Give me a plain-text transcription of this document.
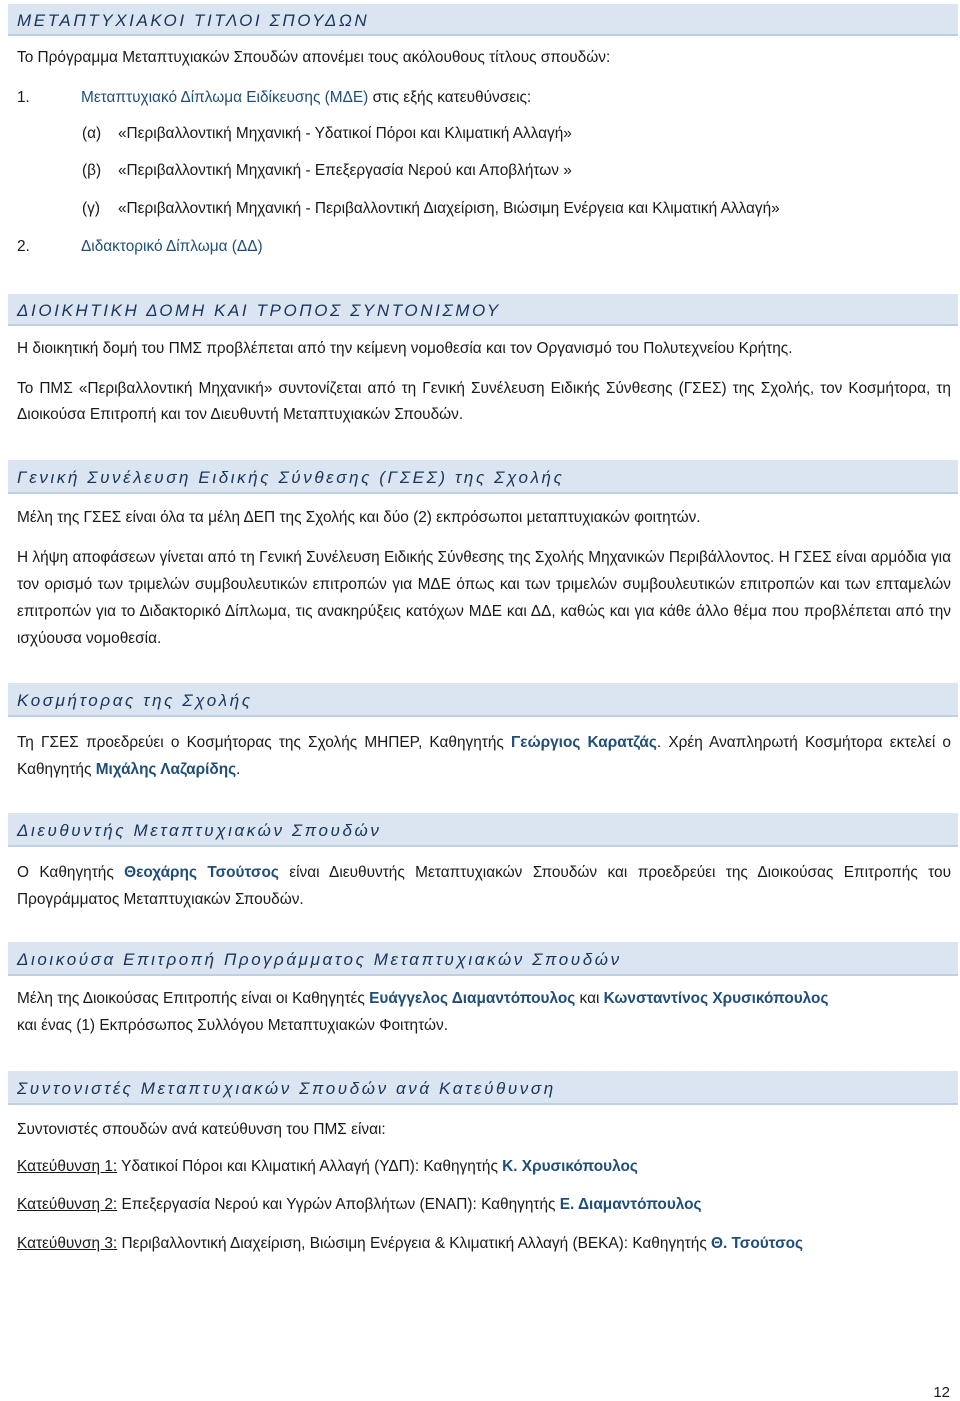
ΜΕΤΑΠΤΥΧΙΑΚΟΙ ΤΙΤΛΟΙ ΣΠΟΥΔΩΝ
Το Πρόγραμμα Μεταπτυχιακών Σπουδών απονέμει τους ακόλουθους τίτλους σπουδών:
1.	Μεταπτυχιακό Δίπλωμα Ειδίκευσης (ΜΔΕ) στις εξής κατευθύνσεις:
(α) «Περιβαλλοντική Μηχανική - Υδατικοί Πόροι και Κλιματική Αλλαγή»
(β) «Περιβαλλοντική Μηχανική - Επεξεργασία Νερού και Αποβλήτων »
(γ) «Περιβαλλοντική Μηχανική - Περιβαλλοντική Διαχείριση, Βιώσιμη Ενέργεια και Κλιματική Αλλαγή»
2.	Διδακτορικό Δίπλωμα (ΔΔ)
ΔΙΟΙΚΗΤΙΚΗ ΔΟΜΗ ΚΑΙ ΤΡΟΠΟΣ ΣΥΝΤΟΝΙΣΜΟΥ
Η διοικητική δομή του ΠΜΣ προβλέπεται από την κείμενη νομοθεσία και τον Οργανισμό του Πολυτεχνείου Κρήτης.
Το ΠΜΣ «Περιβαλλοντική Μηχανική» συντονίζεται από τη Γενική Συνέλευση Ειδικής Σύνθεσης (ΓΣΕΣ) της Σχολής, τον Κοσμήτορα, τη Διοικούσα Επιτροπή και τον Διευθυντή Μεταπτυχιακών Σπουδών.
Γενική Συνέλευση Ειδικής Σύνθεσης (ΓΣΕΣ) της Σχολής
Μέλη της ΓΣΕΣ είναι όλα τα μέλη ΔΕΠ της Σχολής και δύο (2) εκπρόσωποι μεταπτυχιακών φοιτητών.
Η λήψη αποφάσεων γίνεται από τη Γενική Συνέλευση Ειδικής Σύνθεσης της Σχολής Μηχανικών Περιβάλλοντος. Η ΓΣΕΣ είναι αρμόδια για τον ορισμό των τριμελών συμβουλευτικών επιτροπών για ΜΔΕ όπως και των τριμελών συμβουλευτικών επιτροπών και των επταμελών επιτροπών για το Διδακτορικό Δίπλωμα, τις ανακηρύξεις κατόχων ΜΔΕ και ΔΔ, καθώς και για κάθε άλλο θέμα που προβλέπεται από την ισχύουσα νομοθεσία.
Κοσμήτορας της Σχολής
Τη ΓΣΕΣ προεδρεύει ο Κοσμήτορας της Σχολής ΜΗΠΕΡ, Καθηγητής Γεώργιος Καρατζάς. Χρέη Αναπληρωτή Κοσμήτορα εκτελεί ο Καθηγητής Μιχάλης Λαζαρίδης.
Διευθυντής Μεταπτυχιακών Σπουδών
Ο Καθηγητής Θεοχάρης Τσούτσος είναι Διευθυντής Μεταπτυχιακών Σπουδών και προεδρεύει της Διοικούσας Επιτροπής του Προγράμματος Μεταπτυχιακών Σπουδών.
Διοικούσα Επιτροπή Προγράμματος Μεταπτυχιακών Σπουδών
Μέλη της Διοικούσας Επιτροπής είναι οι Καθηγητές Ευάγγελος Διαμαντόπουλος και Κωνσταντίνος Χρυσικόπουλος
και ένας (1) Εκπρόσωπος Συλλόγου Μεταπτυχιακών Φοιτητών.
Συντονιστές Μεταπτυχιακών Σπουδών ανά Κατεύθυνση
Συντονιστές σπουδών ανά κατεύθυνση του ΠΜΣ είναι:
Κατεύθυνση 1: Υδατικοί Πόροι και Κλιματική Αλλαγή (ΥΔΠ): Καθηγητής Κ. Χρυσικόπουλος
Κατεύθυνση 2: Επεξεργασία Νερού και Υγρών Αποβλήτων (ΕΝΑΠ): Καθηγητής Ε. Διαμαντόπουλος
Κατεύθυνση 3: Περιβαλλοντική Διαχείριση, Βιώσιμη Ενέργεια & Κλιματική Αλλαγή (ΒΕΚΑ): Καθηγητής Θ. Τσούτσος
12
